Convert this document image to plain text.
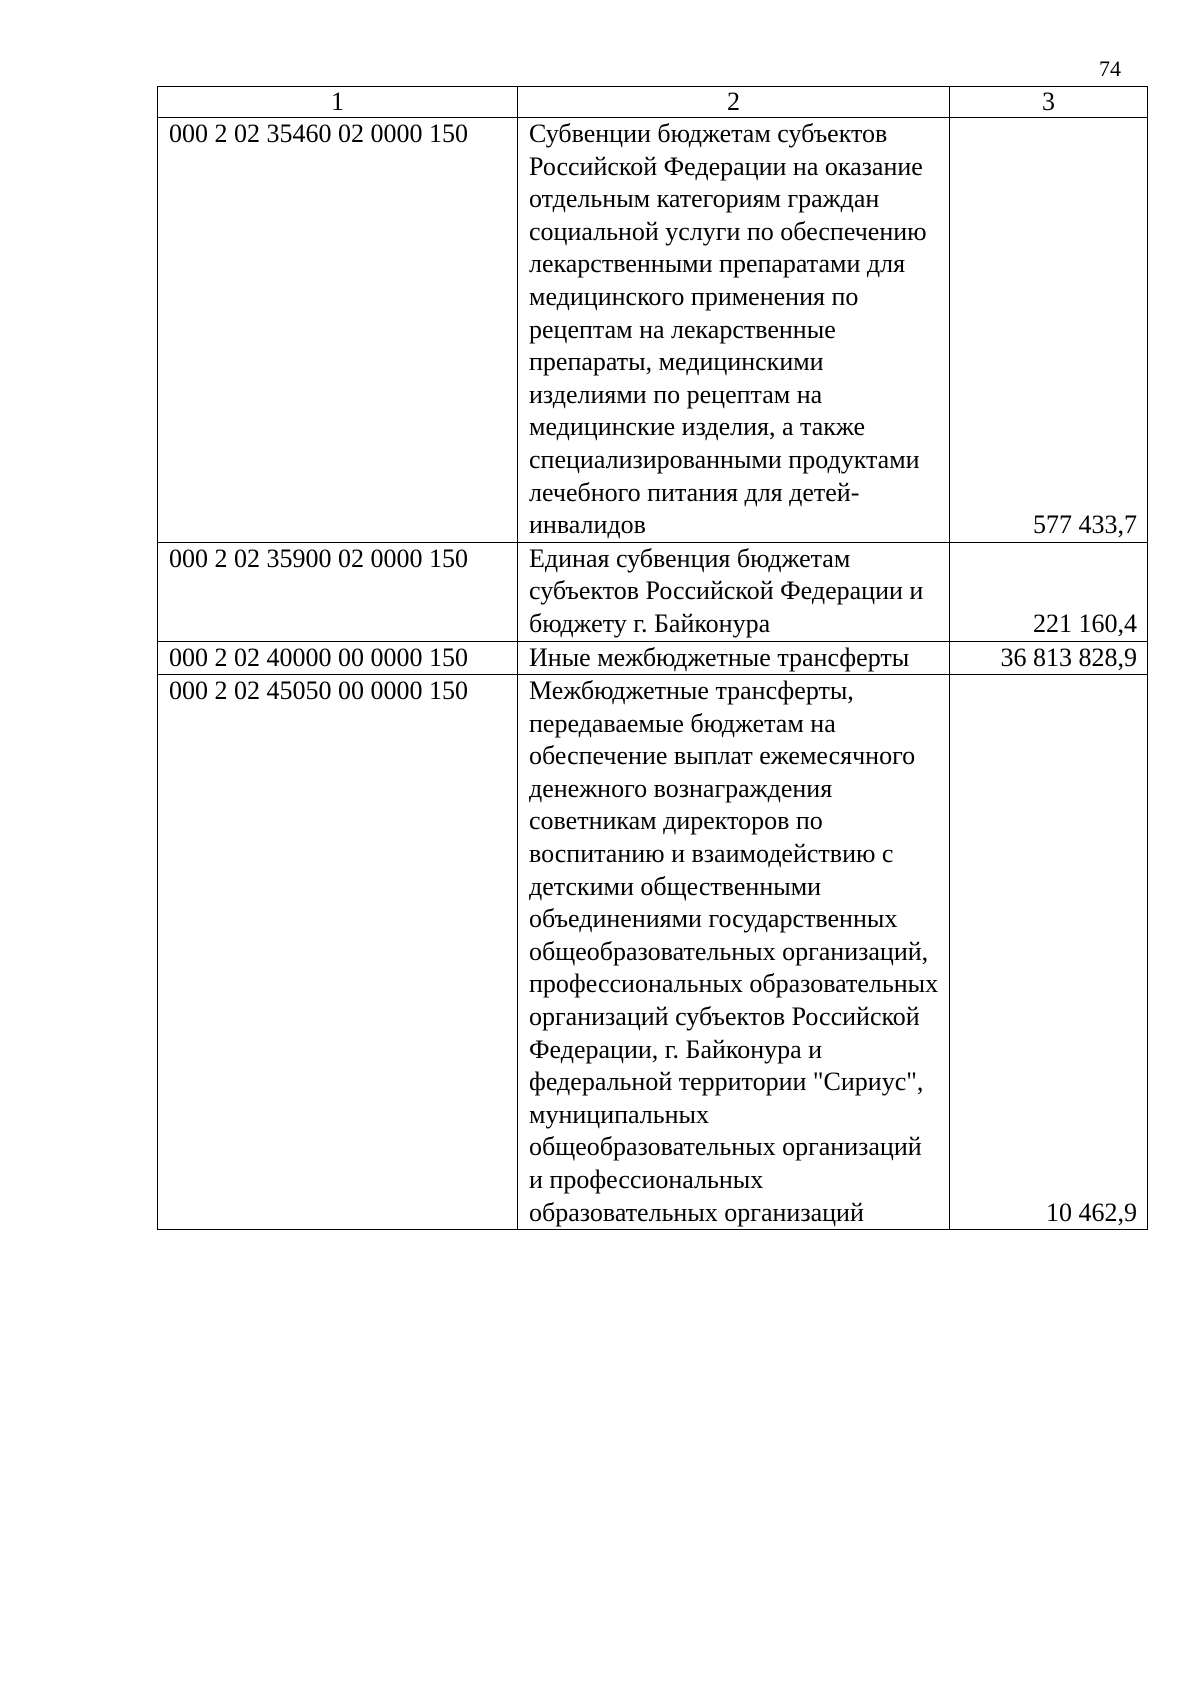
74
1	2	3
000 2 02 35460 02 0000 150	Субвенции бюджетам субъектов Российской Федерации на оказание отдельным категориям граждан социальной услуги по обеспечению лекарственными препаратами для медицинского применения по рецептам на лекарственные препараты, медицинскими изделиями по рецептам на медицинские изделия, а также специализированными продуктами лечебного питания для детей-инвалидов	577 433,7
000 2 02 35900 02 0000 150	Единая субвенция бюджетам субъектов Российской Федерации и бюджету г. Байконура	221 160,4
000 2 02 40000 00 0000 150	Иные межбюджетные трансферты	36 813 828,9
000 2 02 45050 00 0000 150	Межбюджетные трансферты, передаваемые бюджетам на обеспечение выплат ежемесячного денежного вознаграждения советникам директоров по воспитанию и взаимодействию с детскими общественными объединениями государственных общеобразовательных организаций, профессиональных образовательных организаций субъектов Российской Федерации, г. Байконура и федеральной территории "Сириус", муниципальных общеобразовательных организаций и профессиональных образовательных организаций	10 462,9
